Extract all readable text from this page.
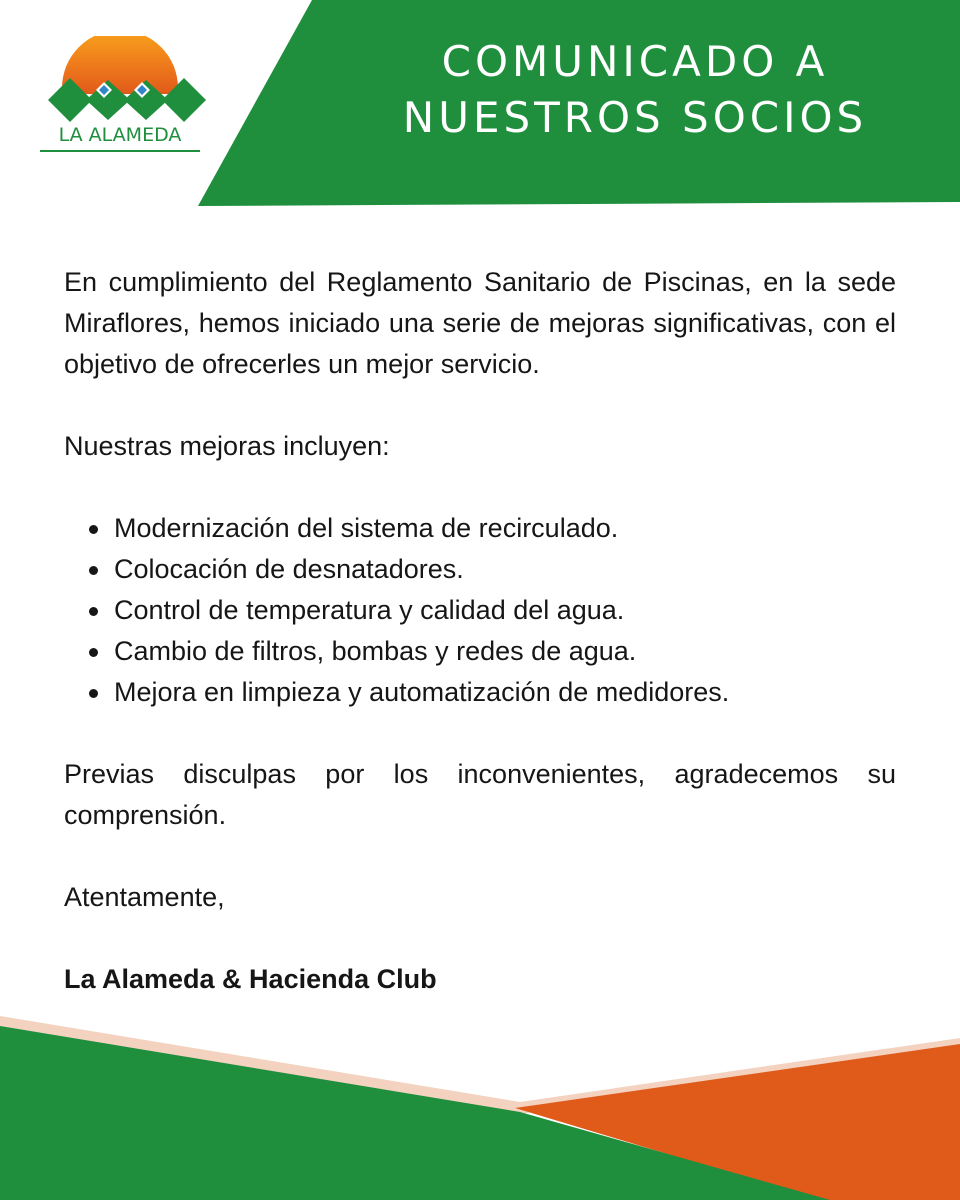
LA ALAMEDA
COMUNICADO A
NUESTROS SOCIOS

En cumplimiento del Reglamento Sanitario de Piscinas, en la sede Miraflores, hemos iniciado una serie de mejoras significativas, con el objetivo de ofrecerles un mejor servicio.

Nuestras mejoras incluyen:

Modernización del sistema de recirculado.
Colocación de desnatadores.
Control de temperatura y calidad del agua.
Cambio de filtros, bombas y redes de agua.
Mejora en limpieza y automatización de medidores.

Previas disculpas por los inconvenientes, agradecemos su comprensión.

Atentamente,

La Alameda & Hacienda Club
